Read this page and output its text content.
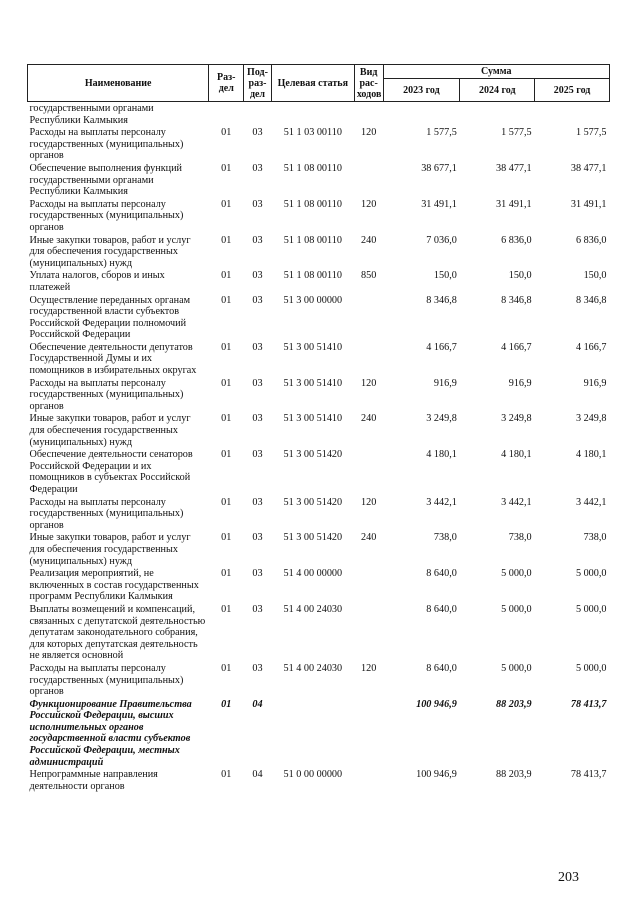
Наименование	Раз-дел	Под-раз-дел	Целевая статья	Вид рас-ходов	Сумма		
					2023 год	2024 год	2025 год
государственными органами Республики Калмыкия							
Расходы на выплаты персоналу государственных (муниципальных) органов	01	03	51 1 03 00110	120	1 577,5	1 577,5	1 577,5
Обеспечение выполнения функций государственными органами Республики Калмыкия	01	03	51 1 08 00110		38 677,1	38 477,1	38 477,1
Расходы на выплаты персоналу государственных (муниципальных) органов	01	03	51 1 08 00110	120	31 491,1	31 491,1	31 491,1
Иные закупки товаров, работ и услуг для обеспечения государственных (муниципальных) нужд	01	03	51 1 08 00110	240	7 036,0	6 836,0	6 836,0
Уплата налогов, сборов и иных платежей	01	03	51 1 08 00110	850	150,0	150,0	150,0
Осуществление переданных органам государственной власти субъектов Российской Федерации полномочий Российской Федерации	01	03	51 3 00 00000		8 346,8	8 346,8	8 346,8
Обеспечение деятельности депутатов Государственной Думы и их помощников в избирательных округах	01	03	51 3 00 51410		4 166,7	4 166,7	4 166,7
Расходы на выплаты персоналу государственных (муниципальных) органов	01	03	51 3 00 51410	120	916,9	916,9	916,9
Иные закупки товаров, работ и услуг для обеспечения государственных (муниципальных) нужд	01	03	51 3 00 51410	240	3 249,8	3 249,8	3 249,8
Обеспечение деятельности сенаторов Российской Федерации и их помощников в субъектах Российской Федерации	01	03	51 3 00 51420		4 180,1	4 180,1	4 180,1
Расходы на выплаты персоналу государственных (муниципальных) органов	01	03	51 3 00 51420	120	3 442,1	3 442,1	3 442,1
Иные закупки товаров, работ и услуг для обеспечения государственных (муниципальных) нужд	01	03	51 3 00 51420	240	738,0	738,0	738,0
Реализация мероприятий, не включенных в состав государственных программ Республики Калмыкия	01	03	51 4 00 00000		8 640,0	5 000,0	5 000,0
Выплаты возмещений и компенсаций, связанных с депутатской деятельностью депутатам законодательного собрания, для которых депутатская деятельность не является основной	01	03	51 4 00 24030		8 640,0	5 000,0	5 000,0
Расходы на выплаты персоналу государственных (муниципальных) органов	01	03	51 4 00 24030	120	8 640,0	5 000,0	5 000,0
Функционирование Правительства Российской Федерации, высших исполнительных органов государственной власти субъектов Российской Федерации, местных администраций	01	04			100 946,9	88 203,9	78 413,7
Непрограммные направления деятельности органов	01	04	51 0 00 00000		100 946,9	88 203,9	78 413,7
203
